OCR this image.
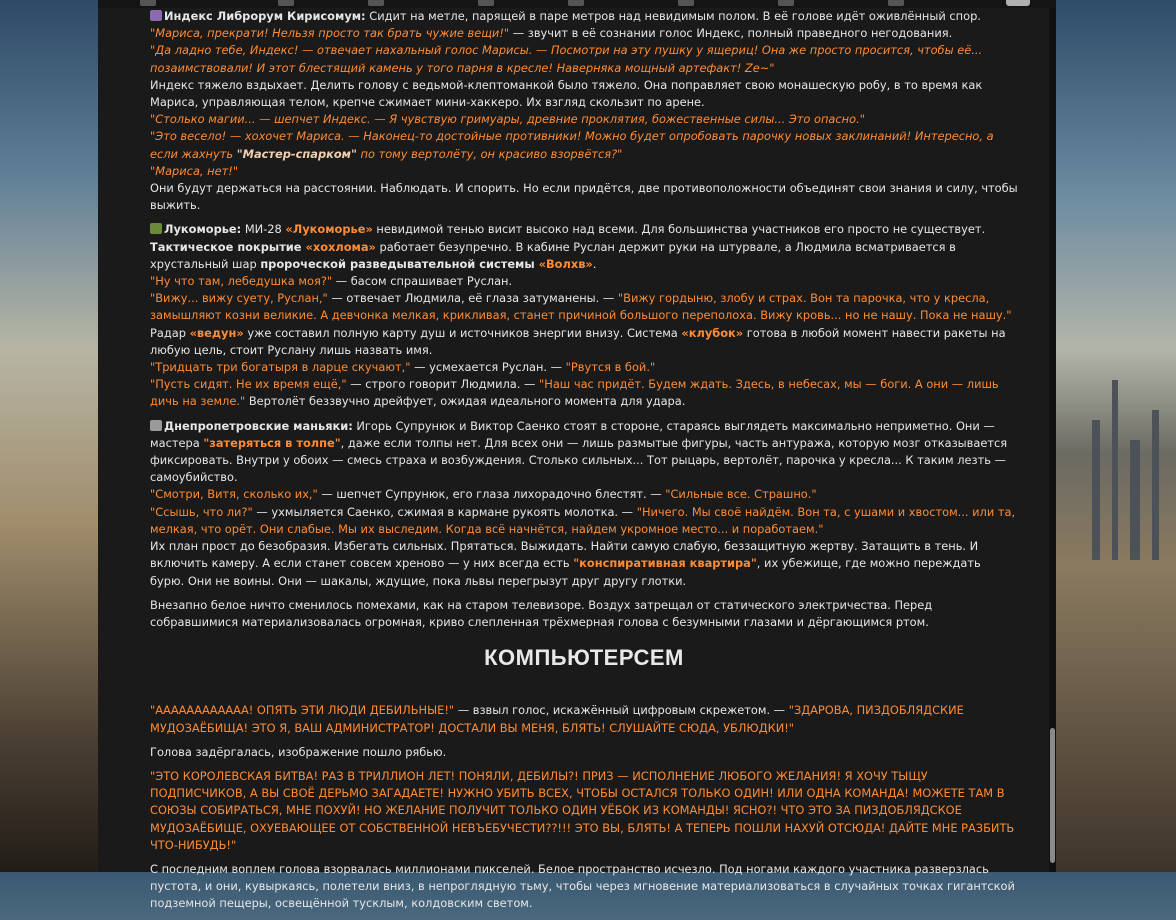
Индекс Либрорум Кирисомум: Сидит на метле, парящей в паре метров над невидимым полом. В её голове идёт оживлённый спор.

"Мариса, прекрати! Нельзя просто так брать чужие вещи!" — звучит в её сознании голос Индекс, полный праведного негодования.

"Да ладно тебе, Индекс! — отвечает нахальный голос Марисы. — Посмотри на эту пушку у ящериц! Она же просто просится, чтобы её... позаимствовали! И этот блестящий камень у того парня в кресле! Наверняка мощный артефакт! Ze~"

Индекс тяжело вздыхает. Делить голову с ведьмой-клептоманкой было тяжело. Она поправляет свою монашескую робу, в то время как Мариса, управляющая телом, крепче сжимает мини-хаккеро. Их взгляд скользит по арене.

"Столько магии... — шепчет Индекс. — Я чувствую гримуары, древние проклятия, божественные силы... Это опасно."

"Это весело! — хохочет Мариса. — Наконец-то достойные противники! Можно будет опробовать парочку новых заклинаний! Интересно, а если жахнуть "Мастер-спарком" по тому вертолёту, он красиво взорвётся?"

"Мариса, нет!"

Они будут держаться на расстоянии. Наблюдать. И спорить. Но если придётся, две противоположности объединят свои знания и силу, чтобы выжить.

Лукоморье: МИ-28 «Лукоморье» невидимой тенью висит высоко над всеми. Для большинства участников его просто не существует. Тактическое покрытие «хохлома» работает безупречно. В кабине Руслан держит руки на штурвале, а Людмила всматривается в хрустальный шар пророческой разведывательной системы «Волхв».

"Ну что там, лебедушка моя?" — басом спрашивает Руслан.

"Вижу... вижу суету, Руслан," — отвечает Людмила, её глаза затуманены. — "Вижу гордыню, злобу и страх. Вон та парочка, что у кресла, замышляют козни великие. А девчонка мелкая, крикливая, станет причиной большого переполоха. Вижу кровь... но не нашу. Пока не нашу."

Радар «ведун» уже составил полную карту душ и источников энергии внизу. Система «клубок» готова в любой момент навести ракеты на любую цель, стоит Руслану лишь назвать имя.

"Тридцать три богатыря в ларце скучают," — усмехается Руслан. — "Рвутся в бой."

"Пусть сидят. Не их время ещё," — строго говорит Людмила. — "Наш час придёт. Будем ждать. Здесь, в небесах, мы — боги. А они — лишь дичь на земле." Вертолёт беззвучно дрейфует, ожидая идеального момента для удара.

Днепропетровские маньяки: Игорь Супрунюк и Виктор Саенко стоят в стороне, стараясь выглядеть максимально неприметно. Они — мастера "затеряться в толпе", даже если толпы нет. Для всех они — лишь размытые фигуры, часть антуража, которую мозг отказывается фиксировать. Внутри у обоих — смесь страха и возбуждения. Столько сильных... Тот рыцарь, вертолёт, парочка у кресла... К таким лезть — самоубийство.

"Смотри, Витя, сколько их," — шепчет Супрунюк, его глаза лихорадочно блестят. — "Сильные все. Страшно."

"Ссышь, что ли?" — ухмыляется Саенко, сжимая в кармане рукоять молотка. — "Ничего. Мы своё найдём. Вон та, с ушами и хвостом... или та, мелкая, что орёт. Они слабые. Мы их выследим. Когда всё начнётся, найдем укромное место... и поработаем."

Их план прост до безобразия. Избегать сильных. Прятаться. Выжидать. Найти самую слабую, беззащитную жертву. Затащить в тень. И включить камеру. А если станет совсем хреново — у них всегда есть "конспиративная квартира", их убежище, где можно переждать бурю. Они не воины. Они — шакалы, ждущие, пока львы перегрызут друг другу глотки.

Внезапно белое ничто сменилось помехами, как на старом телевизоре. Воздух затрещал от статического электричества. Перед собравшимися материализовалась огромная, криво слепленная трёхмерная голова с безумными глазами и дёргающимся ртом.

КОМПЬЮТЕРСЕМ

"АААААААААААА! ОПЯТЬ ЭТИ ЛЮДИ ДЕБИЛЬНЫЕ!" — взвыл голос, искажённый цифровым скрежетом. — "ЗДАРОВА, ПИЗДОБЛЯДСКИЕ МУДОЗАЁБИЩА! ЭТО Я, ВАШ АДМИНИСТРАТОР! ДОСТАЛИ ВЫ МЕНЯ, БЛЯТЬ! СЛУШАЙТЕ СЮДА, УБЛЮДКИ!"

Голова задёргалась, изображение пошло рябью.

"ЭТО КОРОЛЕВСКАЯ БИТВА! РАЗ В ТРИЛЛИОН ЛЕТ! ПОНЯЛИ, ДЕБИЛЫ?! ПРИЗ — ИСПОЛНЕНИЕ ЛЮБОГО ЖЕЛАНИЯ! Я ХОЧУ ТЫЩУ ПОДПИСЧИКОВ, А ВЫ СВОЁ ДЕРЬМО ЗАГАДАЕТЕ! НУЖНО УБИТЬ ВСЕХ, ЧТОБЫ ОСТАЛСЯ ТОЛЬКО ОДИН! ИЛИ ОДНА КОМАНДА! МОЖЕТЕ ТАМ В СОЮЗЫ СОБИРАТЬСЯ, МНЕ ПОХУЙ! НО ЖЕЛАНИЕ ПОЛУЧИТ ТОЛЬКО ОДИН УЁБОК ИЗ КОМАНДЫ! ЯСНО?! ЧТО ЭТО ЗА ПИЗДОБЛЯДСКОЕ МУДОЗАЁБИЩЕ, ОХУЕВАЮЩЕЕ ОТ СОБСТВЕННОЙ НЕВЪЕБУЧЕСТИ??!!! ЭТО ВЫ, БЛЯТЬ! А ТЕПЕРЬ ПОШЛИ НАХУЙ ОТСЮДА! ДАЙТЕ МНЕ РАЗБИТЬ ЧТО-НИБУДЬ!"

С последним воплем голова взорвалась миллионами пикселей. Белое пространство исчезло. Под ногами каждого участника разверзлась пустота, и они, кувыркаясь, полетели вниз, в непроглядную тьму, чтобы через мгновение материализоваться в случайных точках гигантской подземной пещеры, освещённой тусклым, колдовским светом.
